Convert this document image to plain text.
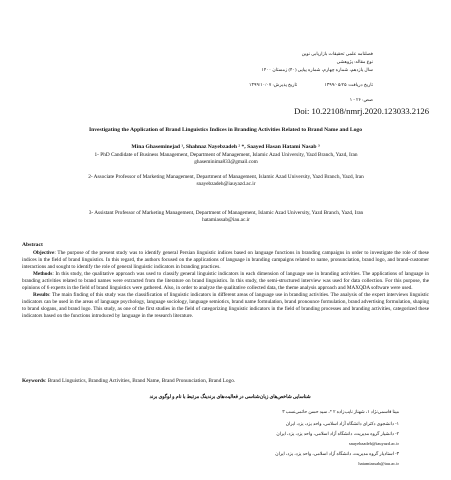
فصلنامه علمی تحقیقات بازاریابی نوین
نوع مقاله: پژوهشی
سال یازدهم، شماره چهارم، شماره پیاپی (۴۰) زمستان ۱۴۰۰
تاریخ دریافت: ۱۳۹۹/۰۵/۲۵ تاریخ پذیرش: ۱۳۹۹/۱۰/۰۷
صص: ۲۶ - ۱
Doi: 10.22108/nmrj.2020.123033.2126
Investigating the Application of Brand Linguistics Indices in Branding Activities Related to Brand Name and Logo
Mina Ghaseminejad ¹, Shahnaz Nayebzadeh ² *, Saayed Hasan Hatami Nasab ³
1- PhD Candidate of Business Management, Department of Management, Islamic Azad University, Yazd Branch, Yazd, Iran
ghaseminima833@gmail.com
2- Associate Professor of Marketing Management, Department of Management, Islamic Azad University, Yazd Branch, Yazd, Iran
snayebzadeh@iauyazd.ac.ir
3- Assistant Professor of Marketing Management, Department of Management, Islamic Azad University, Yazd Branch, Yazd, Iran
hatamiassab@iau.ac.ir
Abstract

Objective: The purpose of the present study was to identify general Persian linguistic indices based on language functions in branding campaigns in order to investigate the role of these indices in the field of brand linguistics. In this regard, the authors focused on the applications of language in branding campaigns related to name, pronunciation, brand logo, and brand-customer interactions and sought to identify the role of general linguistic indicators in branding practices.

Methods: In this study, the qualitative approach was used to classify general linguistic indicators in each dimension of language use in branding activities. The applications of language in branding activities related to brand names were extracted from the literature on brand linguistics. In this study, the semi-structured interview was used for data collection. For this purpose, the opinions of 6 experts in the field of brand linguistics were gathered. Also, in order to analyze the qualitative collected data, the theme analysis approach and MAXQDA software were used.

Results: The main finding of this study was the classification of linguistic indicators in different areas of language use in branding activities. The analysis of the expert interviews linguistic indicators can be used in the areas of language psychology, language sociology, language semiotics, brand name formulation, brand pronounce formulation, brand advertising formulation, shaping to brand slogans, and brand logo. This study, as one of the first studies in the field of categorizing linguistic indicators in the field of branding processes and branding activities, categorized these indicators based on the functions introduced by language in the research literature.

Keywords: Brand Linguistics, Branding Activities, Brand Name, Brand Pronunciation, Brand Logo.
شناسایی شاخص‌های زبان‌شناسی در فعالیت‌های برندینگ مرتبط با نام و لوگوی برند
مینا قاسمی‌نژاد ۱، شهناز نایب‌زاده ۲ *، سید حسن حاتمی‌نسب ۳
۱- دانشجوی دکترای دانشگاه آزاد اسلامی، واحد یزد، یزد، ایران
۲- دانشیار گروه مدیریت، دانشگاه آزاد اسلامی، واحد یزد، یزد، ایران
snayebzadeh@iauyazd.ac.ir
۳- استادیار گروه مدیریت، دانشگاه آزاد اسلامی، واحد یزد، یزد، ایران
hatamiassab@iau.ac.ir
